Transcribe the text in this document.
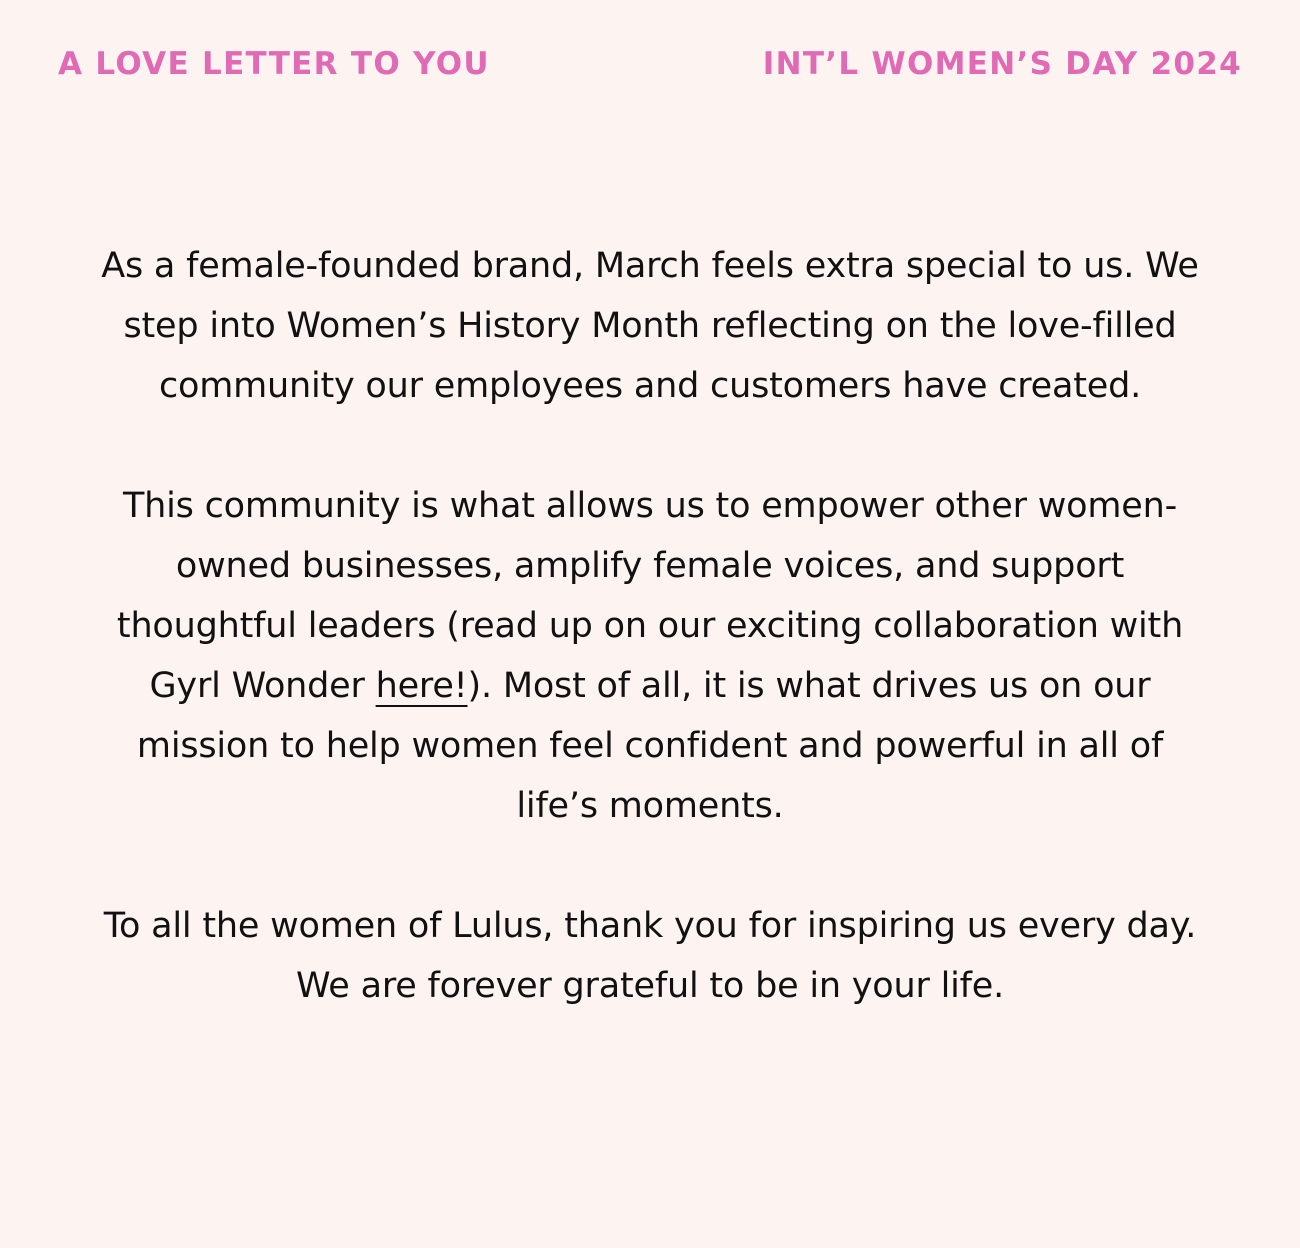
A LOVE LETTER TO YOU	INT’L WOMEN’S DAY 2024

As a female-founded brand, March feels extra special to us. We step into Women’s History Month reflecting on the love-filled community our employees and customers have created.

This community is what allows us to empower other women-owned businesses, amplify female voices, and support thoughtful leaders (read up on our exciting collaboration with Gyrl Wonder here!). Most of all, it is what drives us on our mission to help women feel confident and powerful in all of life’s moments.

To all the women of Lulus, thank you for inspiring us every day. We are forever grateful to be in your life.
